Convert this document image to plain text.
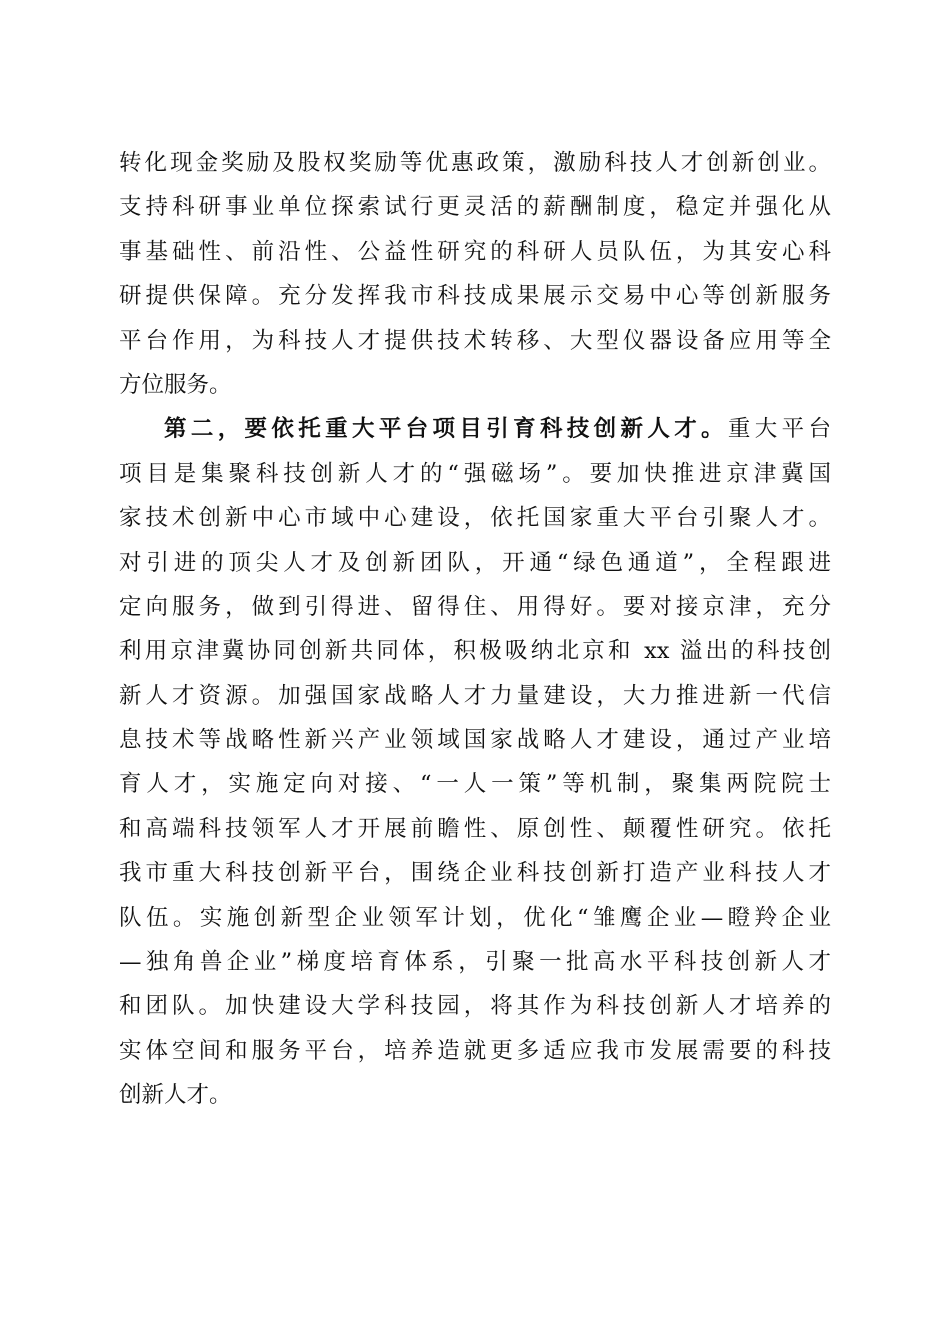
转化现金奖励及股权奖励等优惠政策，激励科技人才创新创业。
支持科研事业单位探索试行更灵活的薪酬制度，稳定并强化从
事基础性、前沿性、公益性研究的科研人员队伍，为其安心科
研提供保障。充分发挥我市科技成果展示交易中心等创新服务
平台作用，为科技人才提供技术转移、大型仪器设备应用等全
方位服务。
第二，要依托重大平台项目引育科技创新人才。重大平台
项目是集聚科技创新人才的“强磁场”。要加快推进京津冀国
家技术创新中心市域中心建设，依托国家重大平台引聚人才。
对引进的顶尖人才及创新团队，开通“绿色通道”，全程跟进
定向服务，做到引得进、留得住、用得好。要对接京津，充分
利用京津冀协同创新共同体，积极吸纳北京和 xx 溢出的科技创
新人才资源。加强国家战略人才力量建设，大力推进新一代信
息技术等战略性新兴产业领域国家战略人才建设，通过产业培
育人才，实施定向对接、“一人一策”等机制，聚集两院院士
和高端科技领军人才开展前瞻性、原创性、颠覆性研究。依托
我市重大科技创新平台，围绕企业科技创新打造产业科技人才
队伍。实施创新型企业领军计划，优化“雏鹰企业—瞪羚企业
—独角兽企业”梯度培育体系，引聚一批高水平科技创新人才
和团队。加快建设大学科技园，将其作为科技创新人才培养的
实体空间和服务平台，培养造就更多适应我市发展需要的科技
创新人才。
